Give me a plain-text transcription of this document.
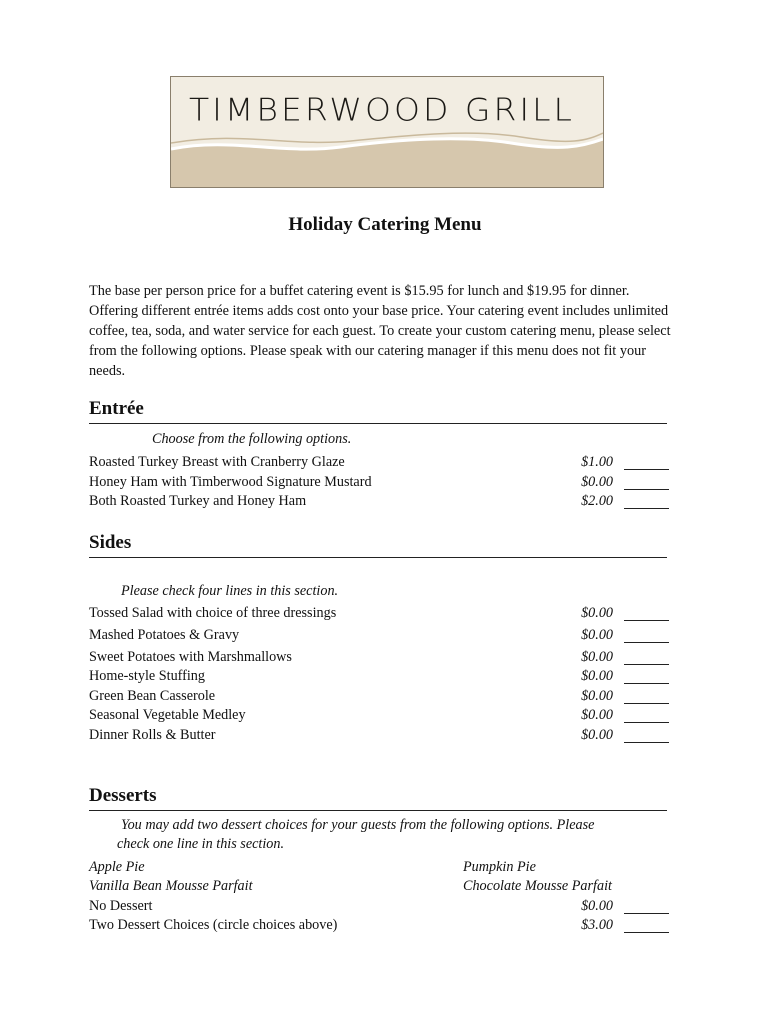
TIMBERWOOD GRILL
Holiday Catering Menu
The base per person price for a buffet catering event is $15.95 for lunch and $19.95 for dinner. Offering different entrée items adds cost onto your base price. Your catering event includes unlimited coffee, tea, soda, and water service for each guest. To create your custom catering menu, please select from the following options. Please speak with our catering manager if this menu does not fit your needs.
Entrée
Choose from the following options.
Roasted Turkey Breast with Cranberry Glaze	$1.00
Honey Ham with Timberwood Signature Mustard	$0.00
Both Roasted Turkey and Honey Ham	$2.00
Sides
Please check four lines in this section.
Tossed Salad with choice of three dressings	$0.00
Mashed Potatoes & Gravy	$0.00
Sweet Potatoes with Marshmallows	$0.00
Home-style Stuffing	$0.00
Green Bean Casserole	$0.00
Seasonal Vegetable Medley	$0.00
Dinner Rolls & Butter	$0.00
Desserts
You may add two dessert choices for your guests from the following options. Please
check one line in this section.
Apple Pie	Pumpkin Pie
Vanilla Bean Mousse Parfait	Chocolate Mousse Parfait
No Dessert	$0.00
Two Dessert Choices (circle choices above)	$3.00
